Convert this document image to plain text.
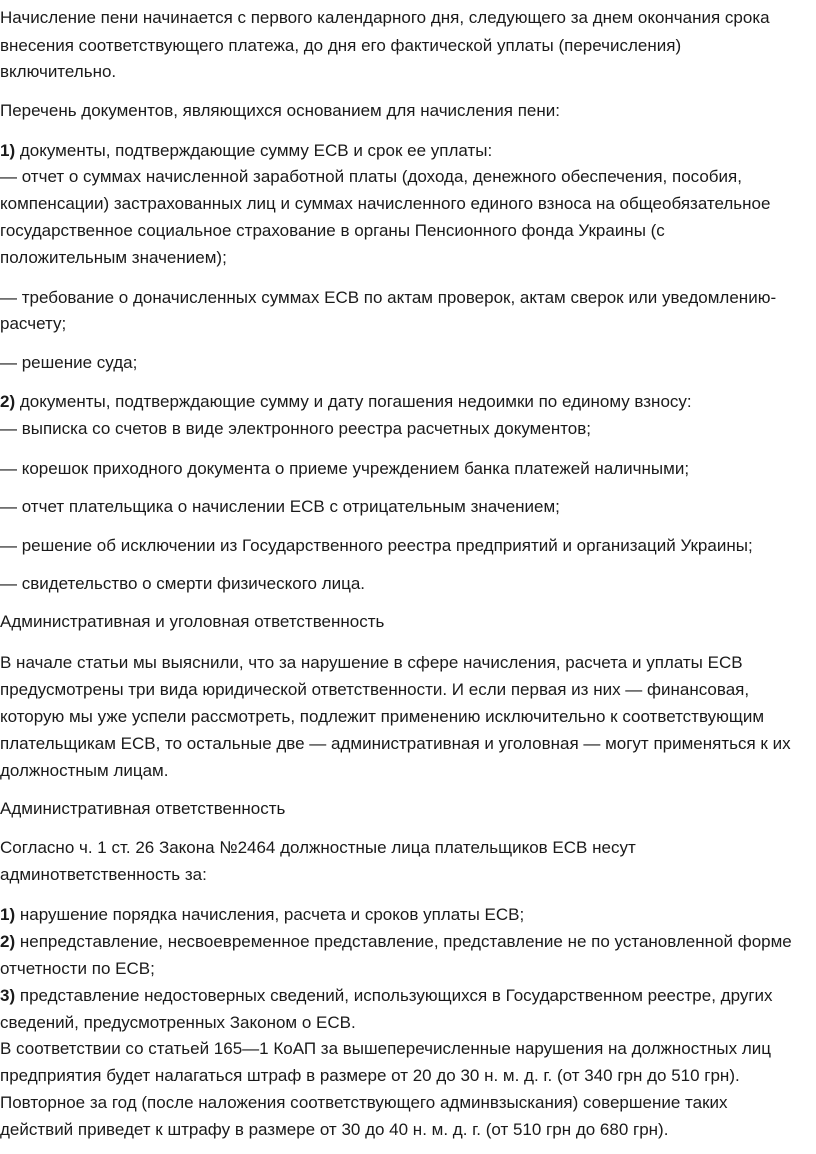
Начисление пени начинается с первого календарного дня, следующего за днем окончания срока
внесения соответствующего платежа, до дня его фактической уплаты (перечисления)
включительно.
Перечень документов, являющихся основанием для начисления пени:
1) документы, подтверждающие сумму ЕСВ и срок ее уплаты:
— отчет о суммах начисленной заработной платы (дохода, денежного обеспечения, пособия,
компенсации) застрахованных лиц и суммах начисленного единого взноса на общеобязательное
государственное социальное страхование в органы Пенсионного фонда Украины (с
положительным значением);
— требование о доначисленных суммах ЕСВ по актам проверок, актам сверок или уведомлению-
расчету;
— решение суда;
2) документы, подтверждающие сумму и дату погашения недоимки по единому взносу:
— выписка со счетов в виде электронного реестра расчетных документов;
— корешок приходного документа о приеме учреждением банка платежей наличными;
— отчет плательщика о начислении ЕСВ с отрицательным значением;
— решение об исключении из Государственного реестра предприятий и организаций Украины;
— свидетельство о смерти физического лица.
Административная и уголовная ответственность
В начале статьи мы выяснили, что за нарушение в сфере начисления, расчета и уплаты ЕСВ
предусмотрены три вида юридической ответственности. И если первая из них — финансовая,
которую мы уже успели рассмотреть, подлежит применению исключительно к соответствующим
плательщикам ЕСВ, то остальные две — административная и уголовная — могут применяться к их
должностным лицам.
Административная ответственность
Согласно ч. 1 ст. 26 Закона №2464 должностные лица плательщиков ЕСВ несут
админответственность за:
1) нарушение порядка начисления, расчета и сроков уплаты ЕСВ;
2) непредставление, несвоевременное представление, представление не по установленной форме
отчетности по ЕСВ;
3) представление недостоверных сведений, использующихся в Государственном реестре, других
сведений, предусмотренных Законом о ЕСВ.
В соответствии со статьей 165—1 КоАП за вышеперечисленные нарушения на должностных лиц
предприятия будет налагаться штраф в размере от 20 до 30 н. м. д. г. (от 340 грн до 510 грн).
Повторное за год (после наложения соответствующего админвзыскания) совершение таких
действий приведет к штрафу в размере от 30 до 40 н. м. д. г. (от 510 грн до 680 грн).
